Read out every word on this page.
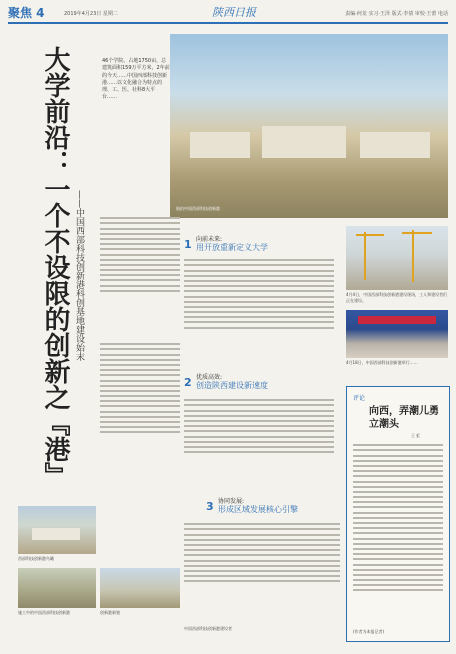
聚焦 4	2019年4月23日 星期二	陕西日报	责编·何龙 实习·王泽 版式·李倩 审校·王蕾 电话
大学前沿：一个不设限的创新之『港』 ——中国西部科技创新港科创基地建设始末
46个学院、占地1750亩，总建筑面积159万平方米，2年前的今天……中国西部科技创新港……以文化融合为特点的理、工、医、社科8大平台……
航拍中国西部科技创新港
1 向前未来:
用开放重新定义大学
2 优质高效:
创造陕西建设新速度
3 协同发展:
形成区域发展核心引擎
4月4日，中国西部科技创新港建设现场，工人和建设者们正在建设。
4月18日，中国西部科技创新港举行……
西部科技创新港鸟瞰
施工中的中国西部科技创新港	创新港新貌
中国西部科技创新港建设者
评论
向西，弄潮儿勇立潮头
王 虹
(作者为本报记者)
